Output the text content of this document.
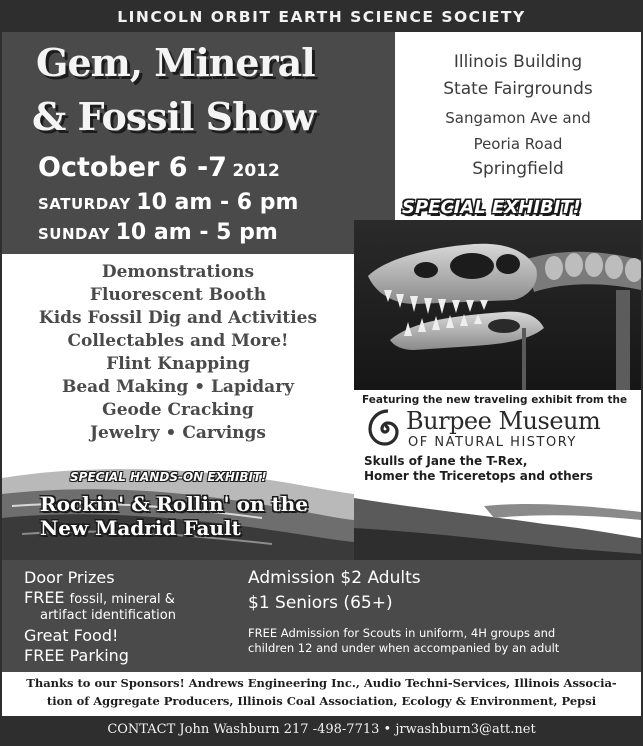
LINCOLN ORBIT EARTH SCIENCE SOCIETY
Gem, Mineral
& Fossil Show
October 6 -7 2012
SATURDAY 10 am - 6 pm
SUNDAY 10 am - 5 pm
Illinois Building
State Fairgrounds
Sangamon Ave and
Peoria Road
Springfield
SPECIAL EXHIBIT!
Demonstrations
Fluorescent Booth
Kids Fossil Dig and Activities
Collectables and More!
Flint Knapping
Bead Making • Lapidary
Geode Cracking
Jewelry • Carvings
Featuring the new traveling exhibit from the
Burpee Museum
OF NATURAL HISTORY
Skulls of Jane the T-Rex,
Homer the Triceretops and others
SPECIAL HANDS-ON EXHIBIT!
Rockin' & Rollin' on the
New Madrid Fault
Door Prizes
FREE fossil, mineral &
artifact identification
Great Food!
FREE Parking
Admission $2 Adults
$1 Seniors (65+)
FREE Admission for Scouts in uniform, 4H groups and
children 12 and under when accompanied by an adult
Thanks to our Sponsors! Andrews Engineering Inc., Audio Techni-Services, Illinois Associa-
tion of Aggregate Producers, Illinois Coal Association, Ecology & Environment, Pepsi
CONTACT John Washburn 217 -498-7713 • jrwashburn3@att.net
